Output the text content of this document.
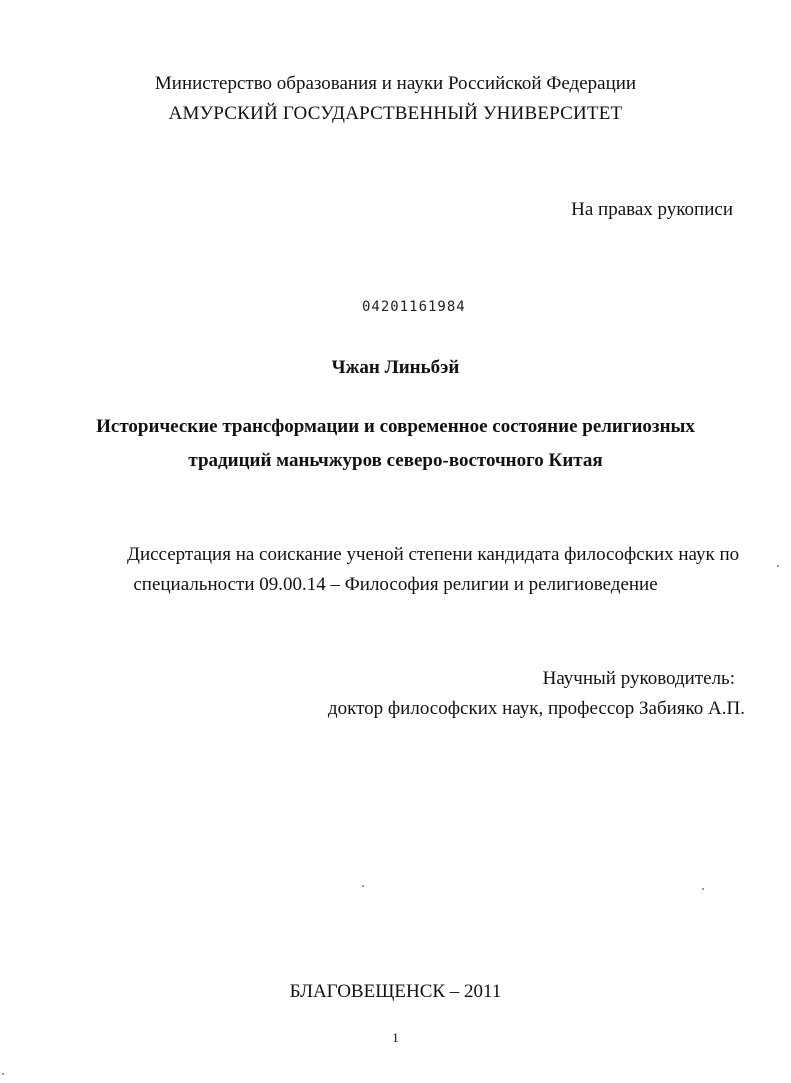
Министерство образования и науки Российской Федерации
АМУРСКИЙ ГОСУДАРСТВЕННЫЙ УНИВЕРСИТЕТ
На правах рукописи
04201161984
Чжан Линьбэй
Исторические трансформации и современное состояние религиозных
традиций маньчжуров северо-восточного Китая
Диссертация на соискание ученой степени кандидата философских наук по
специальности 09.00.14 – Философия религии и религиоведение
Научный руководитель:
доктор философских наук, профессор Забияко А.П.
БЛАГОВЕЩЕНСК – 2011
1
